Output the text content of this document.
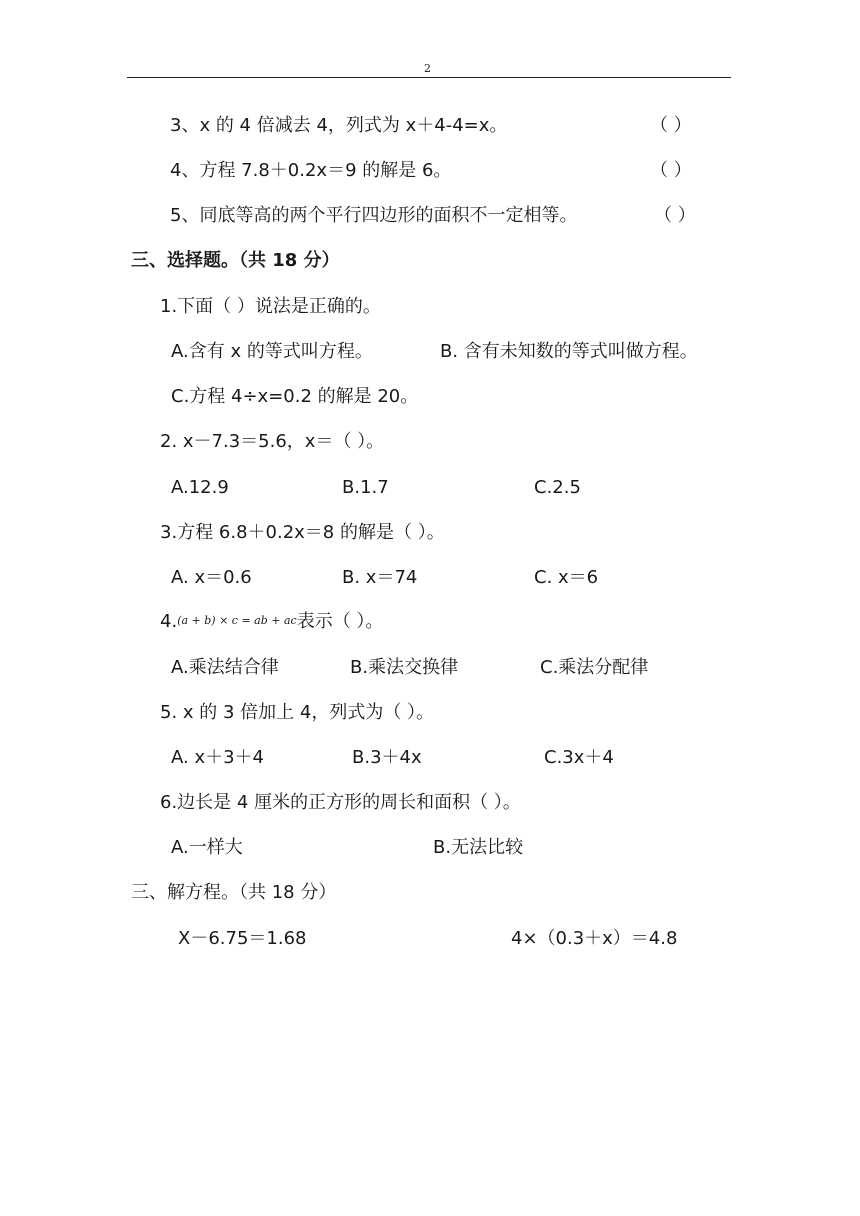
2
3、x 的 4 倍减去 4，列式为 x＋4-4=x。	（ ）
4、方程 7.8＋0.2x＝9 的解是 6。	（ ）
5、同底等高的两个平行四边形的面积不一定相等。	（ ）
三、选择题。（共 18 分）
1.下面（ ）说法是正确的。
A.含有 x 的等式叫方程。	B. 含有未知数的等式叫做方程。
C.方程 4÷x=0.2 的解是 20。
2. x－7.3＝5.6，x＝（ ）。
A.12.9	B.1.7	C.2.5
3.方程 6.8＋0.2x＝8 的解是（ ）。
A. x＝0.6	B. x＝74	C. x＝6
4.(a + b) × c = ab + ac表示（ ）。
A.乘法结合律	B.乘法交换律	C.乘法分配律
5. x 的 3 倍加上 4，列式为（ ）。
A. x＋3＋4	B.3＋4x	C.3x＋4
6.边长是 4 厘米的正方形的周长和面积（ ）。
A.一样大	B.无法比较
三、解方程。（共 18 分）
X－6.75＝1.68	4×（0.3＋x）＝4.8
